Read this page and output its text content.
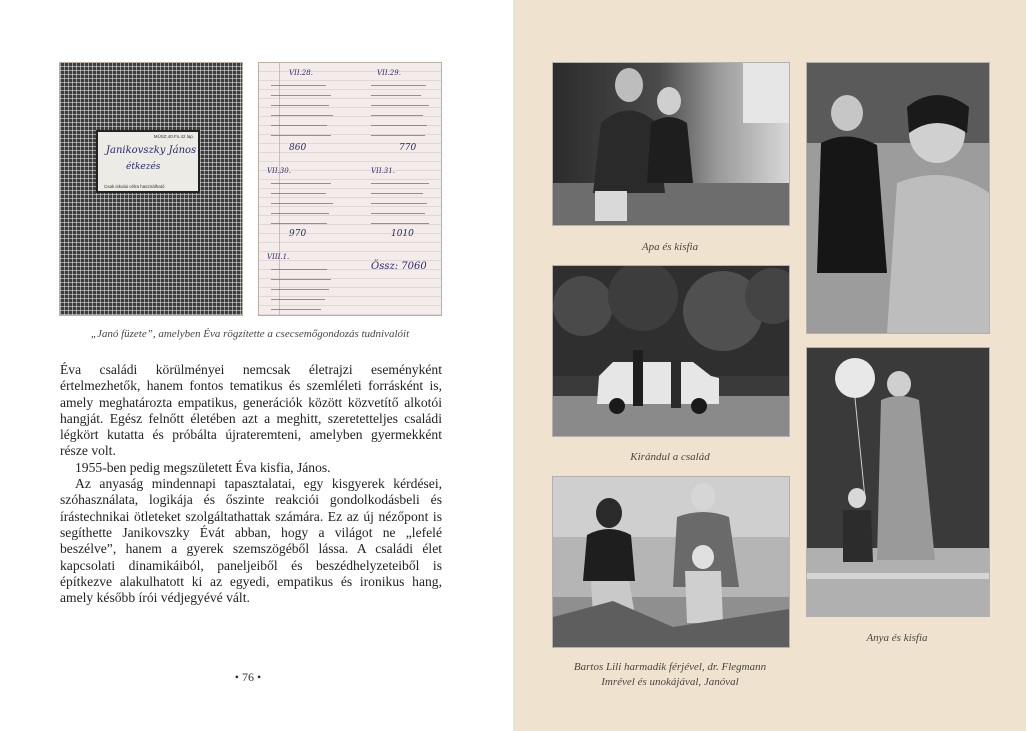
MÜSZ.40.Fn.42 lap.
Janikovszky János
étkezés
Csak iskolai célra használható
VII.28.	VII.29.
860	770
VII.30.	VII.31.
970	1010
VIII.1.
Össz: 7060
„Janó füzete”, amelyben Éva rögzítette a csecsemőgondozás tudnivalóit

Éva családi körülményei nemcsak életrajzi eseményként értelmezhetők, hanem fontos tematikus és szemléleti forrásként is, amely meghatározta empatikus, generációk között közvetítő alkotói hangját. Egész felnőtt életében azt a meghitt, szeretetteljes családi légkört kutatta és próbálta újrateremteni, amelyben gyermekként része volt.

1955-ben pedig megszületett Éva kisfia, János.

Az anyaság mindennapi tapasztalatai, egy kisgyerek kérdései, szóhasználata, logikája és őszinte reakciói gondolkodásbeli és írástechnikai ötleteket szolgáltathattak számára. Ez az új nézőpont is segíthette Janikovszky Évát abban, hogy a világot ne „lefelé beszélve”, hanem a gyerek szemszögéből lássa. A családi élet kapcsolati dinamikáiból, paneljeiből és beszédhelyzeteiből is építkezve alakulhatott ki az egyedi, empatikus és ironikus hang, amely később írói védjegyévé vált.

• 76 •
Apa és kisfia
Kirándul a család
Bartos Lili harmadik férjével, dr. Flegmann Imrével és unokájával, Janóval
Anya és kisfia
